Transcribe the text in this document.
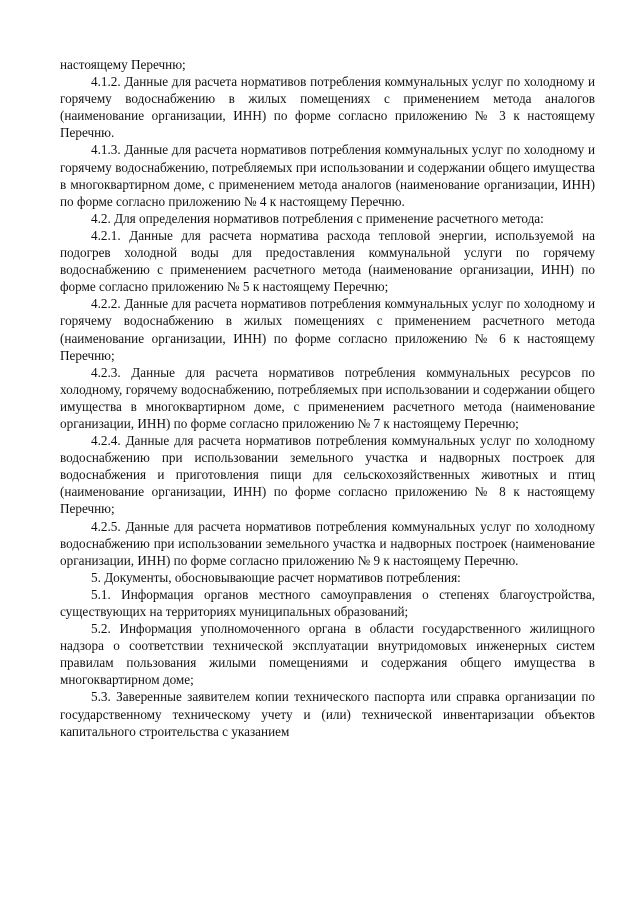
настоящему Перечню;

4.1.2. Данные для расчета нормативов потребления коммунальных услуг по холодному и горячему водоснабжению в жилых помещениях с применением метода аналогов (наименование организации, ИНН) по форме согласно приложению № 3 к настоящему Перечню.

4.1.3. Данные для расчета нормативов потребления коммунальных услуг по холодному и горячему водоснабжению, потребляемых при использовании и содержании общего имущества в многоквартирном доме, с применением метода аналогов (наименование организации, ИНН) по форме согласно приложению № 4 к настоящему Перечню.

4.2. Для определения нормативов потребления с применение расчетного метода:

4.2.1. Данные для расчета норматива расхода тепловой энергии, используемой на подогрев холодной воды для предоставления коммунальной услуги по горячему водоснабжению с применением расчетного метода (наименование организации, ИНН) по форме согласно приложению № 5 к настоящему Перечню;

4.2.2. Данные для расчета нормативов потребления коммунальных услуг по холодному и горячему водоснабжению в жилых помещениях с применением расчетного метода (наименование организации, ИНН) по форме согласно приложению № 6 к настоящему Перечню;

4.2.3. Данные для расчета нормативов потребления коммунальных ресурсов по холодному, горячему водоснабжению, потребляемых при использовании и содержании общего имущества в многоквартирном доме, с применением расчетного метода (наименование организации, ИНН) по форме согласно приложению № 7 к настоящему Перечню;

4.2.4. Данные для расчета нормативов потребления коммунальных услуг по холодному водоснабжению при использовании земельного участка и надворных построек для водоснабжения и приготовления пищи для сельскохозяйственных животных и птиц (наименование организации, ИНН) по форме согласно приложению № 8 к настоящему Перечню;

4.2.5. Данные для расчета нормативов потребления коммунальных услуг по холодному водоснабжению при использовании земельного участка и надворных построек (наименование организации, ИНН) по форме согласно приложению № 9 к настоящему Перечню.

5. Документы, обосновывающие расчет нормативов потребления:

5.1. Информация органов местного самоуправления о степенях благоустройства, существующих на территориях муниципальных образований;

5.2. Информация уполномоченного органа в области государственного жилищного надзора о соответствии технической эксплуатации внутридомовых инженерных систем правилам пользования жилыми помещениями и содержания общего имущества в многоквартирном доме;

5.3. Заверенные заявителем копии технического паспорта или справка организации по государственному техническому учету и (или) технической инвентаризации объектов капитального строительства с указанием
